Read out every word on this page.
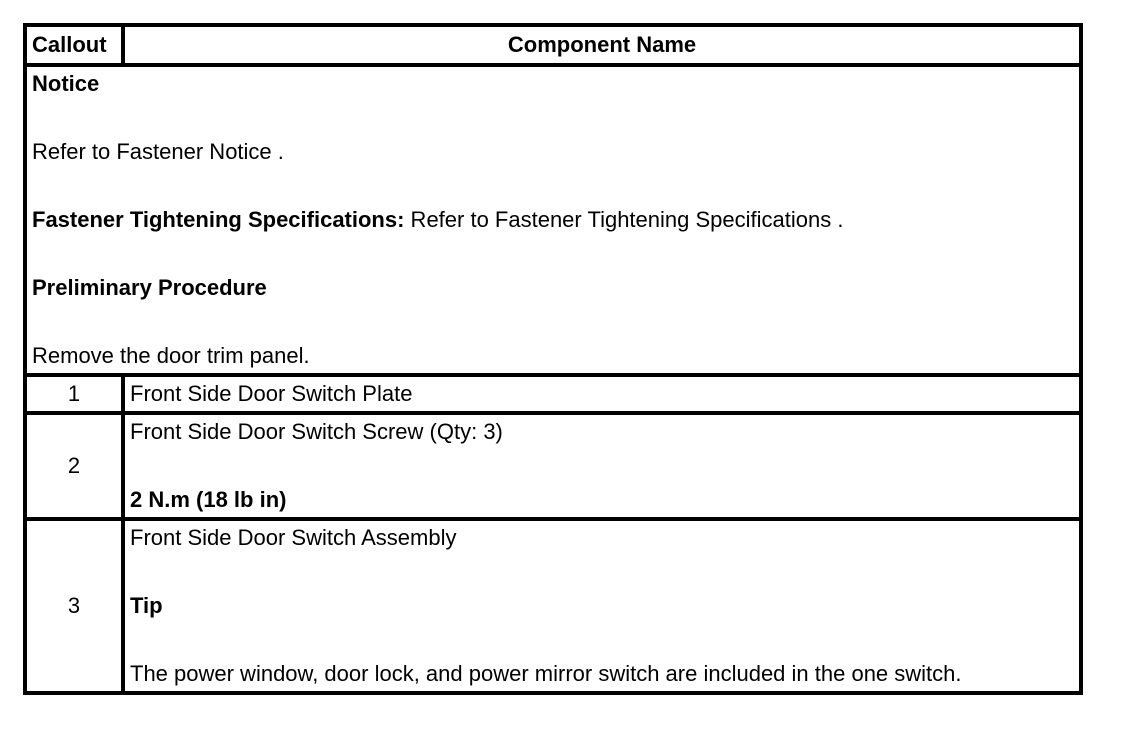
Callout	Component Name

Notice
Refer to Fastener Notice .
Fastener Tightening Specifications: Refer to Fastener Tightening Specifications .
Preliminary Procedure
Remove the door trim panel.	

1	Front Side Door Switch Plate
2	Front Side Door Switch Screw (Qty: 3)
2 N.m (18 lb in)

3	Front Side Door Switch Assembly
Tip
The power window, door lock, and power mirror switch are included in the one switch.
